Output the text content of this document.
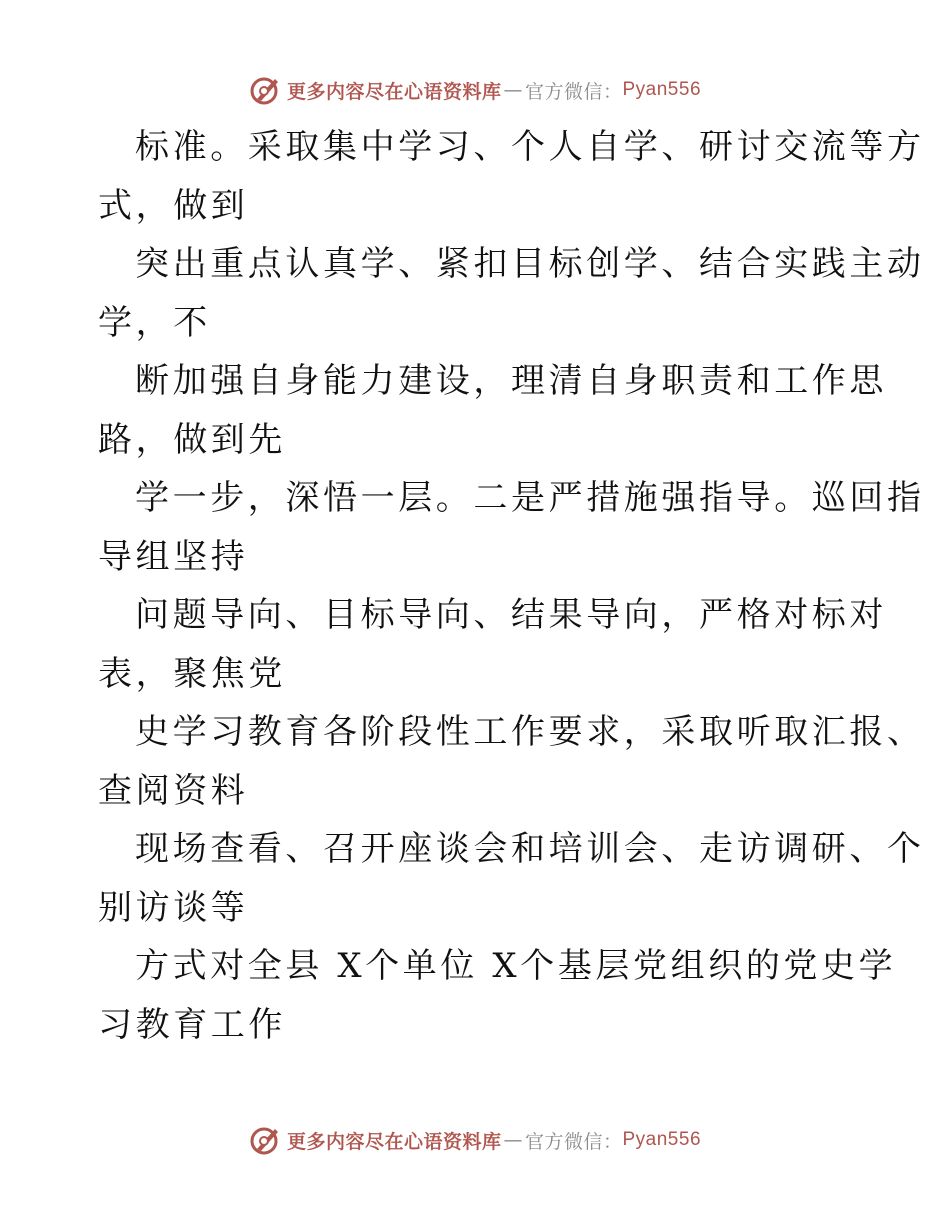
更多内容尽在心语资料库 — 官方微信： Pyan556
标准。采取集中学习、个人自学、研讨交流等方
式，做到
突出重点认真学、紧扣目标创学、结合实践主动
学，不
断加强自身能力建设，理清自身职责和工作思
路，做到先
学一步，深悟一层。二是严措施强指导。巡回指
导组坚持
问题导向、目标导向、结果导向，严格对标对
表，聚焦党
史学习教育各阶段性工作要求，采取听取汇报、
查阅资料
现场查看、召开座谈会和培训会、走访调研、个
别访谈等
方式对全县 X个单位 X个基层党组织的党史学
习教育工作
更多内容尽在心语资料库 — 官方微信： Pyan556
